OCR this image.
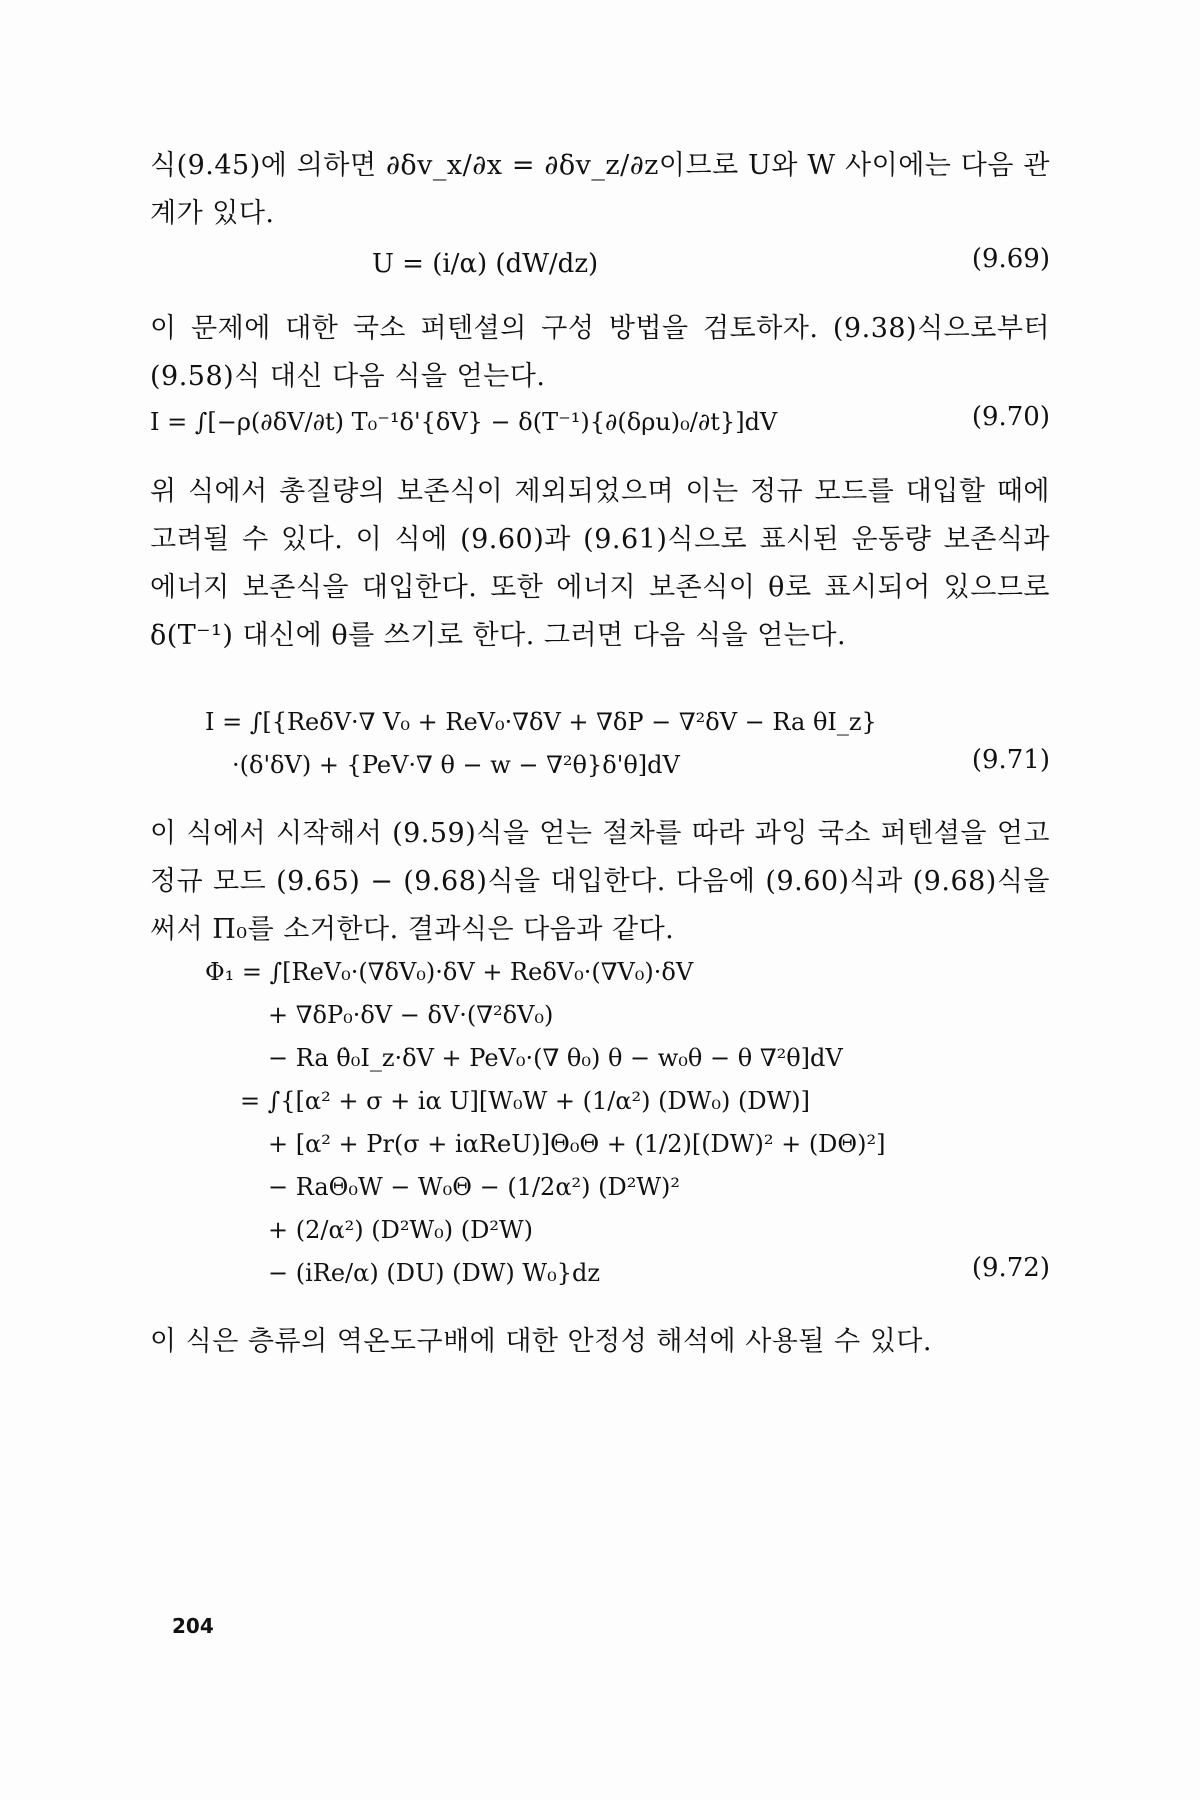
식(9.45)에 의하면 ∂δv_x/∂x = ∂δv_z/∂z이므로 U와 W 사이에는 다음 관계가 있다.
U = (i/α) (dW/dz)	(9.69)
이 문제에 대한 국소 퍼텐셜의 구성 방법을 검토하자. (9.38)식으로부터 (9.58)식 대신 다음 식을 얻는다.
I = ∫[−ρ(∂δV/∂t) T₀⁻¹δ'{δV} − δ(T⁻¹){∂(δρu)₀/∂t}]dV	(9.70)
위 식에서 총질량의 보존식이 제외되었으며 이는 정규 모드를 대입할 때에 고려될 수 있다. 이 식에 (9.60)과 (9.61)식으로 표시된 운동량 보존식과 에너지 보존식을 대입한다. 또한 에너지 보존식이 θ로 표시되어 있으므로 δ(T⁻¹) 대신에 θ를 쓰기로 한다. 그러면 다음 식을 얻는다.
I = ∫[{ReδV·∇ V₀ + ReV₀·∇δV + ∇δP − ∇²δV − Ra θI_z}
·(δ'δV) + {PeV·∇ θ − w − ∇²θ}δ'θ]dV	(9.71)
이 식에서 시작해서 (9.59)식을 얻는 절차를 따라 과잉 국소 퍼텐셜을 얻고 정규 모드 (9.65) − (9.68)식을 대입한다. 다음에 (9.60)식과 (9.68)식을 써서 Π₀를 소거한다. 결과식은 다음과 같다.
Φ₁ = ∫[ReV₀·(∇δV₀)·δV + ReδV₀·(∇V₀)·δV
+ ∇δP₀·δV − δV·(∇²δV₀)
− Ra θ̇₀I_z·δV + PeV₀·(∇ θ₀) θ − w₀θ − θ ∇²θ]dV
= ∫{[α² + σ + iα U][W₀W + (1/α²) (DW₀) (DW)]
+ [α² + Pr(σ + iαReU)]Θ₀Θ + (1/2)[(DW)² + (DΘ)²]
− RaΘ₀W − W₀Θ − (1/2α²) (D²W)²
+ (2/α²) (D²W₀) (D²W)
− (iRe/α) (DU) (DW) W₀}dz	(9.72)
이 식은 층류의 역온도구배에 대한 안정성 해석에 사용될 수 있다.
204
